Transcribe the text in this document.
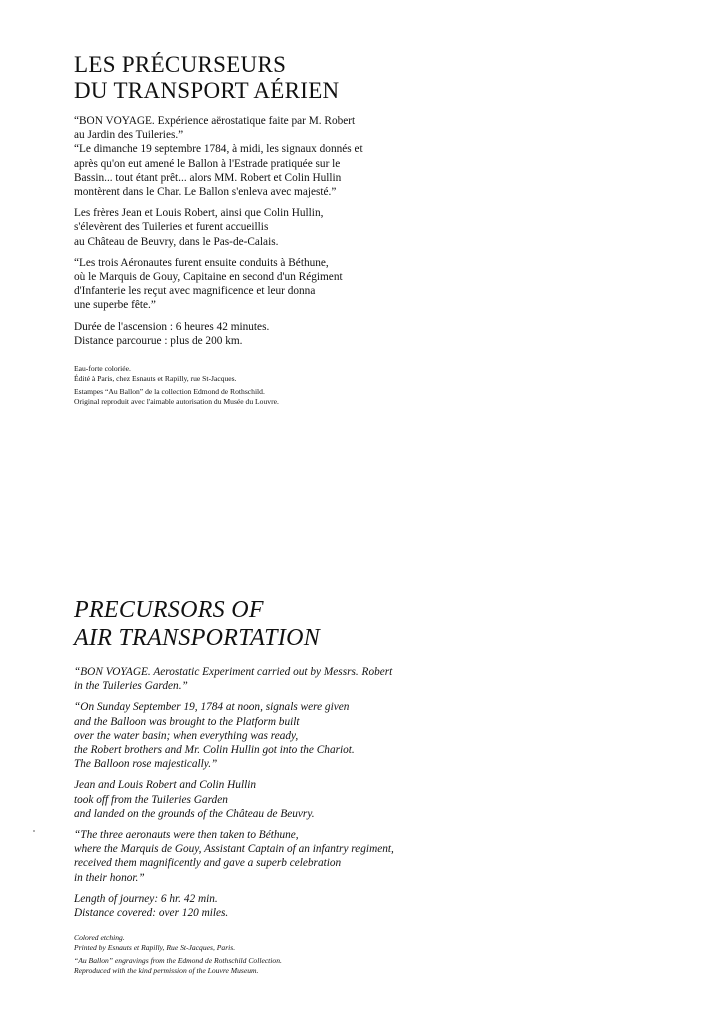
LES PRÉCURSEURS
DU TRANSPORT AÉRIEN

“BON VOYAGE. Expérience aërostatique faite par M. Robert
au Jardin des Tuileries.”
“Le dimanche 19 septembre 1784, à midi, les signaux donnés et
après qu'on eut amené le Ballon à l'Estrade pratiquée sur le
Bassin... tout étant prêt... alors MM. Robert et Colin Hullin
montèrent dans le Char. Le Ballon s'enleva avec majesté.”

Les frères Jean et Louis Robert, ainsi que Colin Hullin,
s'élevèrent des Tuileries et furent accueillis
au Château de Beuvry, dans le Pas-de-Calais.

“Les trois Aéronautes furent ensuite conduits à Béthune,
où le Marquis de Gouy, Capitaine en second d'un Régiment
d'Infanterie les reçut avec magnificence et leur donna
une superbe fête.”

Durée de l'ascension : 6 heures 42 minutes.
Distance parcourue : plus de 200 km.

Eau-forte coloriée.
Édité à Paris, chez Esnauts et Rapilly, rue St-Jacques.

Estampes “Au Ballon” de la collection Edmond de Rothschild.
Original reproduit avec l'aimable autorisation du Musée du Louvre.

PRECURSORS OF
AIR TRANSPORTATION

“BON VOYAGE. Aerostatic Experiment carried out by Messrs. Robert
in the Tuileries Garden.”

“On Sunday September 19, 1784 at noon, signals were given
and the Balloon was brought to the Platform built
over the water basin; when everything was ready,
the Robert brothers and Mr. Colin Hullin got into the Chariot.
The Balloon rose majestically.”

Jean and Louis Robert and Colin Hullin
took off from the Tuileries Garden
and landed on the grounds of the Château de Beuvry.

“The three aeronauts were then taken to Béthune,
where the Marquis de Gouy, Assistant Captain of an infantry regiment,
received them magnificently and gave a superb celebration
in their honor.”

Length of journey: 6 hr. 42 min.
Distance covered: over 120 miles.

Colored etching.
Printed by Esnauts et Rapilly, Rue St-Jacques, Paris.

“Au Ballon” engravings from the Edmond de Rothschild Collection.
Reproduced with the kind permission of the Louvre Museum.
